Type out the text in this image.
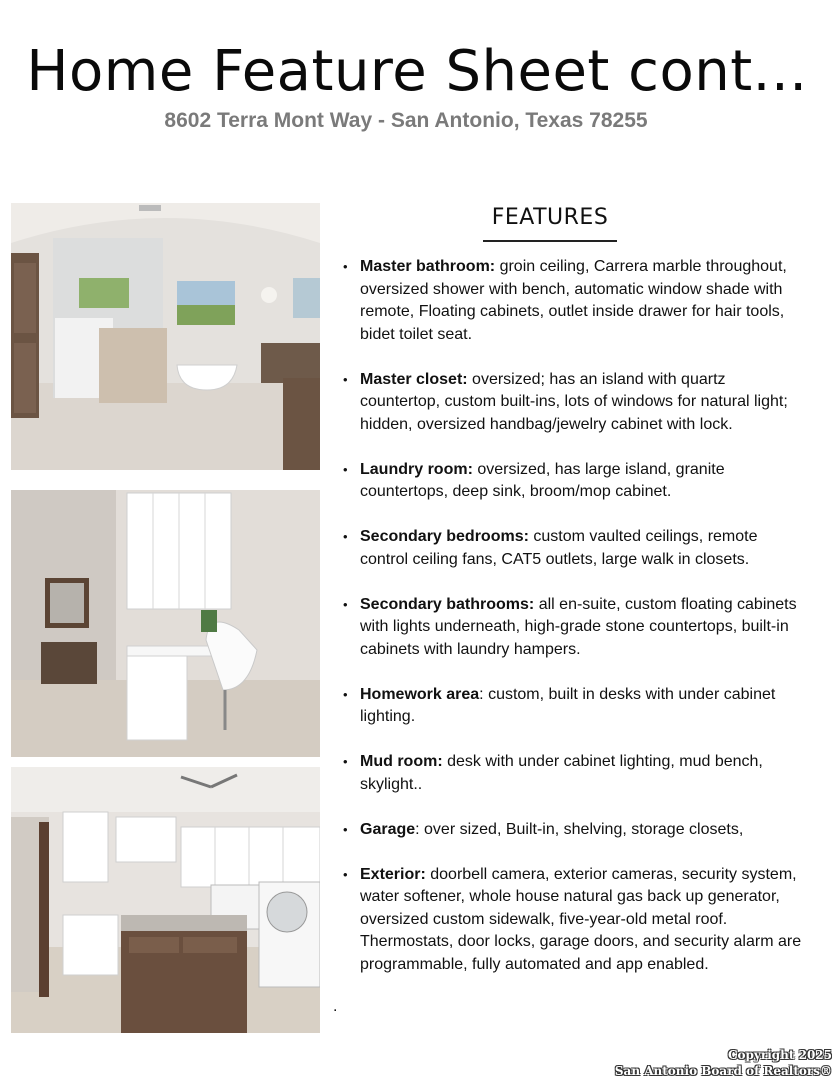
Home Feature Sheet cont...
8602 Terra Mont Way - San Antonio, Texas 78255
FEATURES
• Master bathroom: groin ceiling, Carrera marble throughout, oversized shower with bench, automatic window shade with remote, Floating cabinets, outlet inside drawer for hair tools, bidet toilet seat.
• Master closet: oversized; has an island with quartz countertop, custom built-ins, lots of windows for natural light; hidden, oversized handbag/jewelry cabinet with lock.
• Laundry room: oversized, has large island, granite countertops, deep sink, broom/mop cabinet.
• Secondary bedrooms: custom vaulted ceilings, remote control ceiling fans, CAT5 outlets, large walk in closets.
• Secondary bathrooms: all en-suite, custom floating cabinets with lights underneath, high-grade stone countertops, built-in cabinets with laundry hampers.
• Homework area: custom, built in desks with under cabinet lighting.
• Mud room: desk with under cabinet lighting, mud bench, skylight..
• Garage: over sized, Built-in, shelving, storage closets,
• Exterior: doorbell camera, exterior cameras, security system, water softener, whole house natural gas back up generator, oversized custom sidewalk, five-year-old metal roof. Thermostats, door locks, garage doors, and security alarm are programmable, fully automated and app enabled.
.
Copyright 2025
San Antonio Board of Realtors®
